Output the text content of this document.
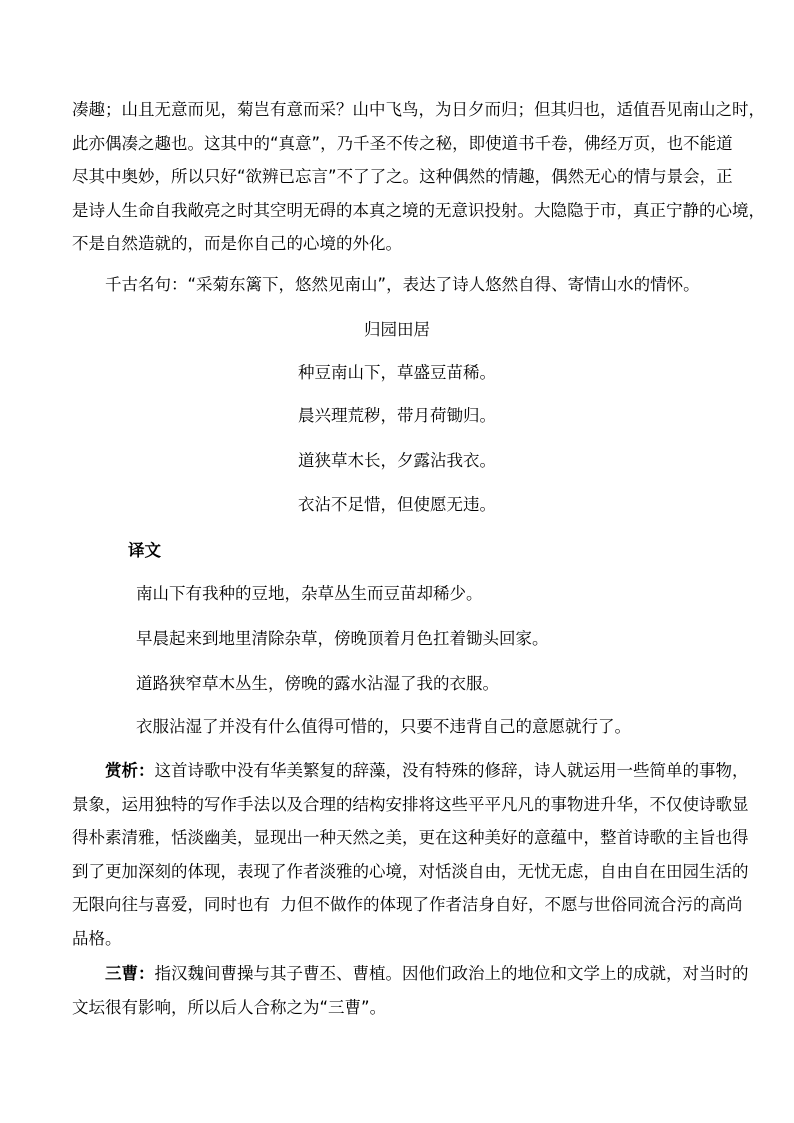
凑趣；山且无意而见，菊岂有意而采？山中飞鸟，为日夕而归；但其归也，适值吾见南山之时，
此亦偶凑之趣也。这其中的“真意”，乃千圣不传之秘，即使道书千卷，佛经万页，也不能道
尽其中奥妙，所以只好“欲辨已忘言”不了了之。这种偶然的情趣，偶然无心的情与景会，正
是诗人生命自我敞亮之时其空明无碍的本真之境的无意识投射。大隐隐于市，真正宁静的心境，
不是自然造就的，而是你自己的心境的外化。
千古名句：“采菊东篱下，悠然见南山”，表达了诗人悠然自得、寄情山水的情怀。
归园田居
种豆南山下，草盛豆苗稀。
晨兴理荒秽，带月荷锄归。
道狭草木长，夕露沾我衣。
衣沾不足惜，但使愿无违。
译文
南山下有我种的豆地，杂草丛生而豆苗却稀少。
早晨起来到地里清除杂草，傍晚顶着月色扛着锄头回家。
道路狭窄草木丛生，傍晚的露水沾湿了我的衣服。
衣服沾湿了并没有什么值得可惜的，只要不违背自己的意愿就行了。
赏析：这首诗歌中没有华美繁复的辞藻，没有特殊的修辞，诗人就运用一些简单的事物，
景象，运用独特的写作手法以及合理的结构安排将这些平平凡凡的事物进升华，不仅使诗歌显
得朴素清雅，恬淡幽美，显现出一种天然之美，更在这种美好的意蕴中，整首诗歌的主旨也得
到了更加深刻的体现，表现了作者淡雅的心境，对恬淡自由，无忧无虑，自由自在田园生活的
无限向往与喜爱，同时也有  力但不做作的体现了作者洁身自好，不愿与世俗同流合污的高尚
品格。
三曹：指汉魏间曹操与其子曹丕、曹植。因他们政治上的地位和文学上的成就，对当时的
文坛很有影响，所以后人合称之为“三曹”。
